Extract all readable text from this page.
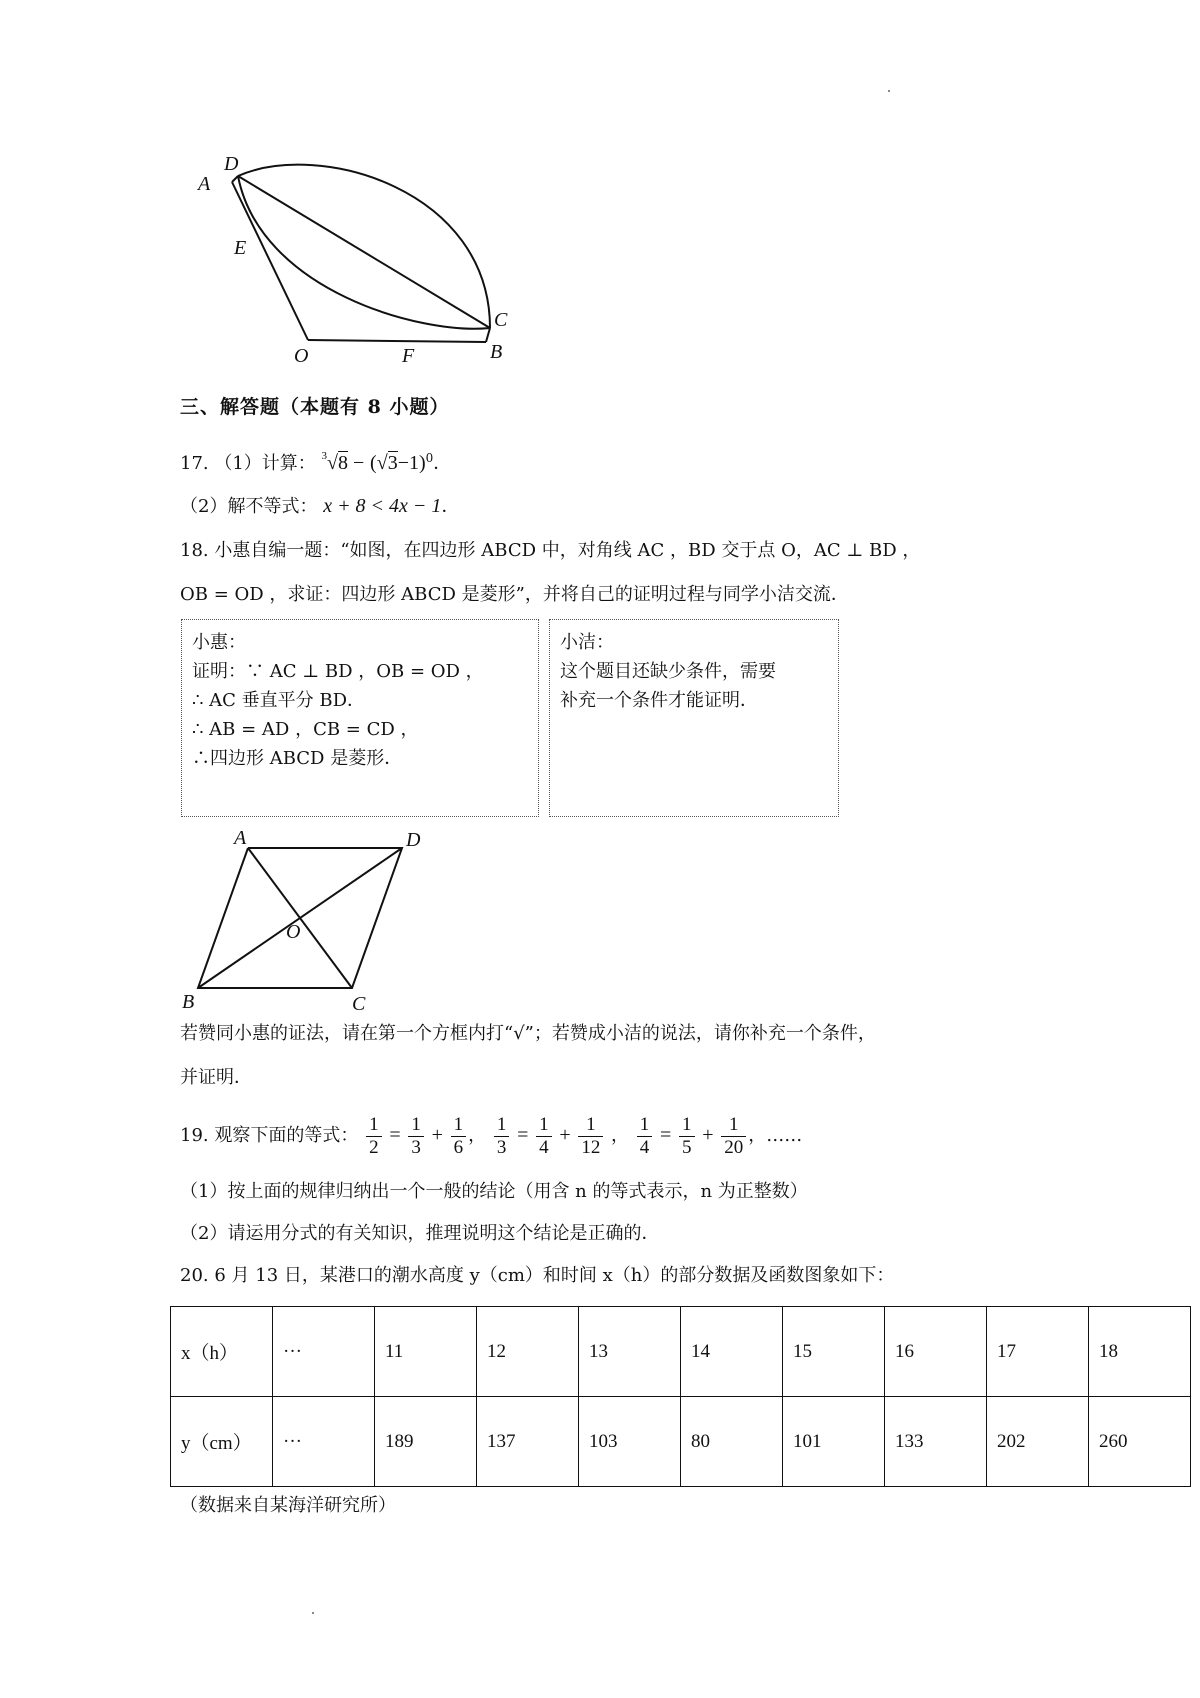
A
D
E
C
O	F	B
三、解答题（本题有 8 小题）
17. （1）计算： $^3√8 - (√3-1)^0$．
（2）解不等式： x + 8 < 4x − 1．
18. 小惠自编一题：“如图，在四边形 ABCD 中，对角线 AC ，BD 交于点 O，AC ⊥ BD ，
OB = OD ，求证：四边形 ABCD 是菱形”，并将自己的证明过程与同学小洁交流．
小惠：
证明：∵ AC ⊥ BD ，OB = OD ，
∴ AC 垂直平分 BD．
∴ AB = AD ，CB = CD ，
∴四边形 ABCD 是菱形．
小洁：
这个题目还缺少条件，需要
补充一个条件才能证明．
A	D
O
B	C
若赞同小惠的证法，请在第一个方框内打“√”；若赞成小洁的说法，请你补充一个条件，
并证明．
19. 观察下面的等式： $\frac{1}{2} = \frac{1}{3} + \frac{1}{6}$ ， $\frac{1}{3} = \frac{1}{4} + \frac{1}{12}$ ， $\frac{1}{4} = \frac{1}{5} + \frac{1}{20}$ ，……
（1）按上面的规律归纳出一个一般的结论（用含 n 的等式表示，n 为正整数）
（2）请运用分式的有关知识，推理说明这个结论是正确的．
20. 6 月 13 日，某港口的潮水高度 y（cm）和时间 x（h）的部分数据及函数图象如下：
x（h）	···	11	12	13	14	15	16	17	18
y（cm）	···	189	137	103	80	101	133	202	260
（数据来自某海洋研究所）
